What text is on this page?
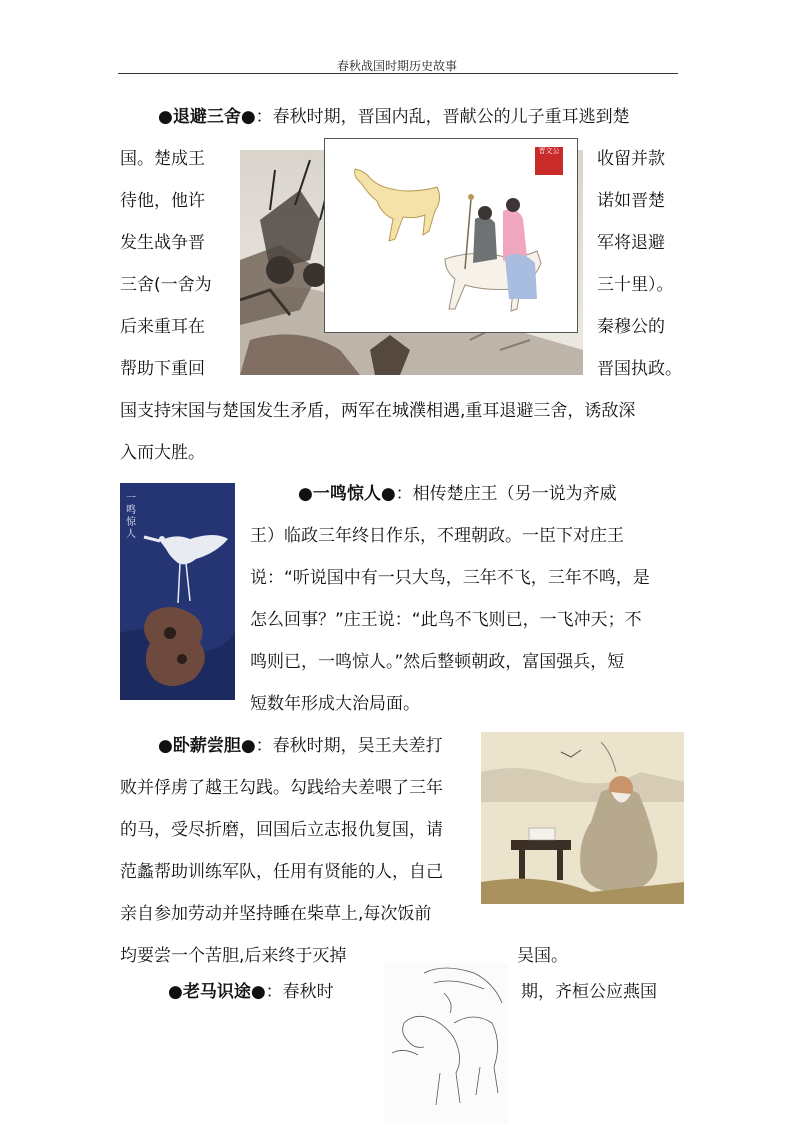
春秋战国时期历史故事
●退避三舍●：春秋时期，晋国内乱，晋献公的儿子重耳逃到楚
国。楚成王
待他，他许
发生战争晋
三舍(一舍为
后来重耳在
帮助下重回
收留并款
诺如晋楚
军将退避
三十里）。
秦穆公的
晋国执政。
晋文公
国支持宋国与楚国发生矛盾，两军在城濮相遇,重耳退避三舍，诱敌深
入而大胜。
一鸣惊人
●一鸣惊人●：相传楚庄王（另一说为齐威
王）临政三年终日作乐，不理朝政。一臣下对庄王
说：“听说国中有一只大鸟，三年不飞，三年不鸣，是
怎么回事？”庄王说：“此鸟不飞则已，一飞冲天；不
鸣则已，一鸣惊人。”然后整顿朝政，富国强兵，短
短数年形成大治局面。
●卧薪尝胆●：春秋时期，吴王夫差打
败并俘虏了越王勾践。勾践给夫差喂了三年
的马，受尽折磨，回国后立志报仇复国，请
范蠡帮助训练军队，任用有贤能的人，自己
亲自参加劳动并坚持睡在柴草上,每次饭前
均要尝一个苦胆,后来终于灭掉	吴国。
●老马识途●：春秋时	期，齐桓公应燕国
